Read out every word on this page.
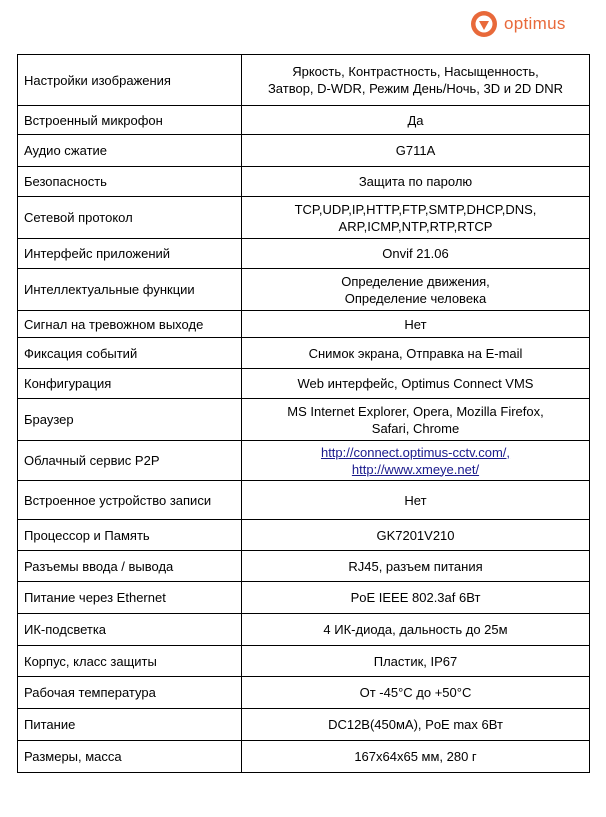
optimus
Настройки изображения	Яркость, Контрастность, Насыщенность,
Затвор, D-WDR, Режим День/Ночь, 3D и 2D DNR
Встроенный микрофон	Да
Аудио сжатие	G711A
Безопасность	Защита по паролю
Сетевой протокол	TCP,UDP,IP,HTTP,FTP,SMTP,DHCP,DNS,
ARP,ICMP,NTP,RTP,RTCP
Интерфейс приложений	Onvif 21.06
Интеллектуальные функции	Определение движения,
Определение человека
Сигнал на тревожном выходе	Нет
Фиксация событий	Снимок экрана, Отправка на E-mail
Конфигурация	Web интерфейс, Optimus Connect VMS
Браузер	MS Internet Explorer, Opera, Mozilla Firefox,
Safari, Chrome
Облачный сервис P2P	http://connect.optimus-cctv.com/,
http://www.xmeye.net/
Встроенное устройство записи	Нет
Процессор и Память	GK7201V210
Разъемы ввода / вывода	RJ45, разъем питания
Питание через Ethernet	PoE IEEE 802.3af 6Вт
ИК-подсветка	4 ИК-диода, дальность до 25м
Корпус, класс защиты	Пластик, IP67
Рабочая температура	От -45°C до +50°C
Питание	DC12В(450мА), PoE max 6Вт
Размеры, масса	167x64x65 мм, 280 г
